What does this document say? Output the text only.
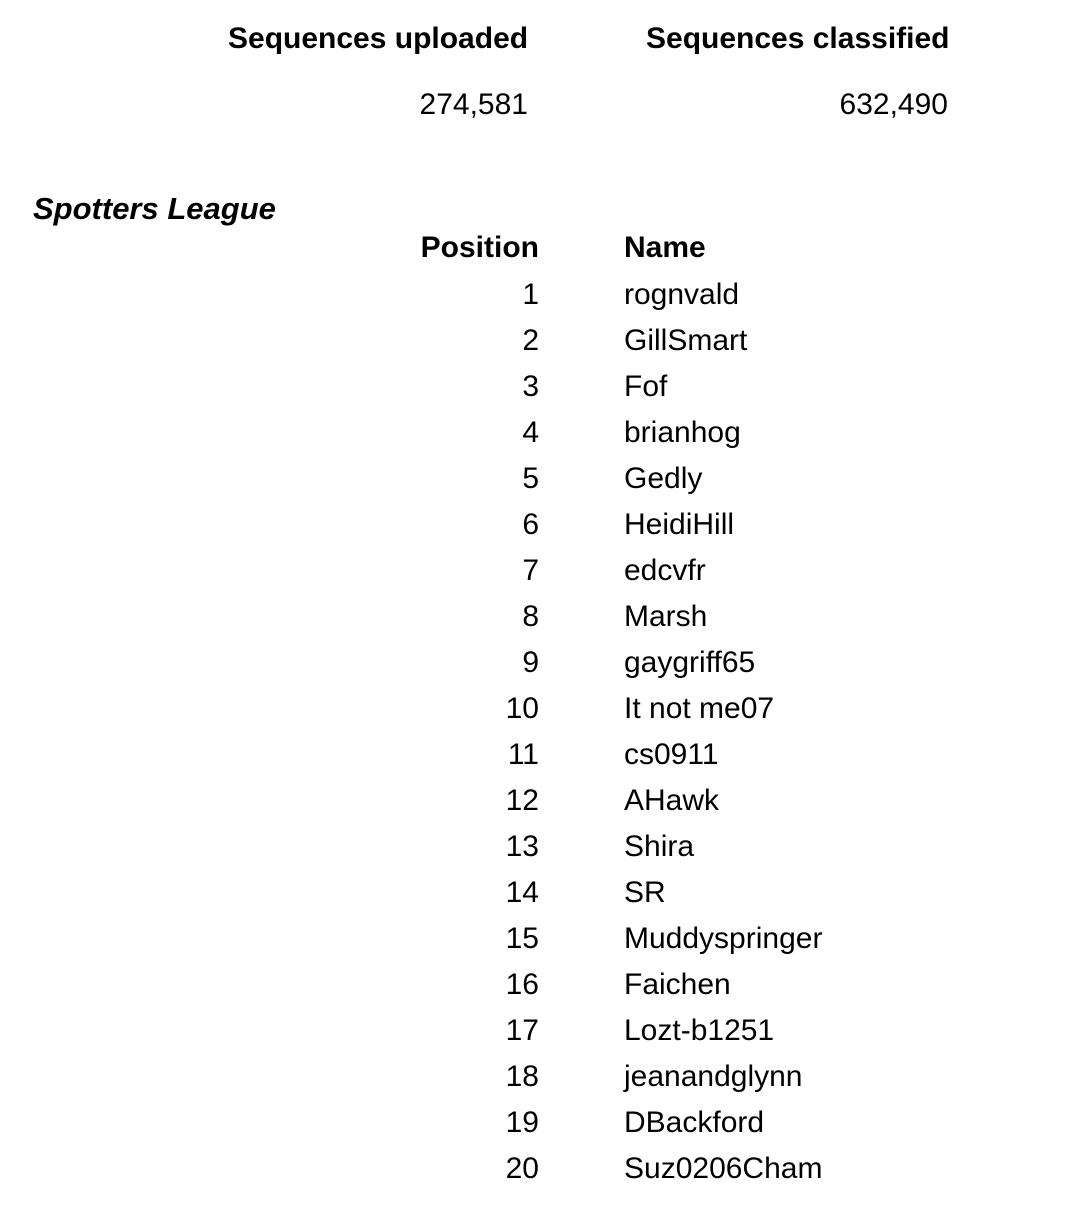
Sequences uploaded	Sequences classified
274,581	632,490
Spotters League
Position	Name
1	rognvald
2	GillSmart
3	Fof
4	brianhog
5	Gedly
6	HeidiHill
7	edcvfr
8	Marsh
9	gaygriff65
10	It not me07
11	cs0911
12	AHawk
13	Shira
14	SR
15	Muddyspringer
16	Faichen
17	Lozt-b1251
18	jeanandglynn
19	DBackford
20	Suz0206Cham
